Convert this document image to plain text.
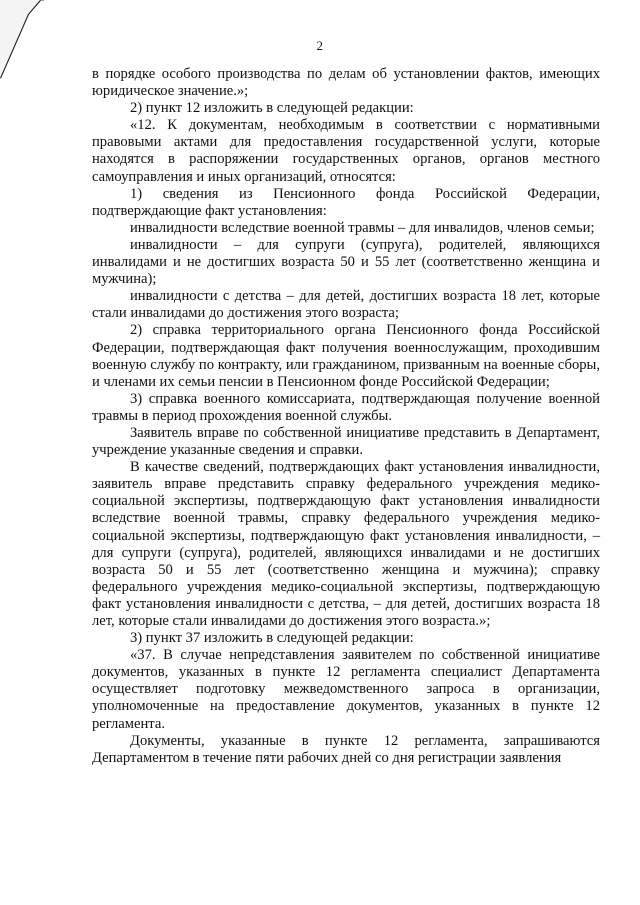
2

в порядке особого производства по делам об установлении фактов, имеющих юридическое значение.»;

2) пункт 12 изложить в следующей редакции:

«12. К документам, необходимым в соответствии с нормативными правовыми актами для предоставления государственной услуги, которые находятся в распоряжении государственных органов, органов местного самоуправления и иных организаций, относятся:

1) сведения из Пенсионного фонда Российской Федерации, подтверждающие факт установления:

инвалидности вследствие военной травмы – для инвалидов, членов семьи;

инвалидности – для супруги (супруга), родителей, являющихся инвалидами и не достигших возраста 50 и 55 лет (соответственно женщина и мужчина);

инвалидности с детства – для детей, достигших возраста 18 лет, которые стали инвалидами до достижения этого возраста;

2) справка территориального органа Пенсионного фонда Российской Федерации, подтверждающая факт получения военнослужащим, проходившим военную службу по контракту, или гражданином, призванным на военные сборы, и членами их семьи пенсии в Пенсионном фонде Российской Федерации;

3) справка военного комиссариата, подтверждающая получение военной травмы в период прохождения военной службы.

Заявитель вправе по собственной инициативе представить в Департамент, учреждение указанные сведения и справки.

В качестве сведений, подтверждающих факт установления инвалидности, заявитель вправе представить справку федерального учреждения медико-социальной экспертизы, подтверждающую факт установления инвалидности вследствие военной травмы, справку федерального учреждения медико-социальной экспертизы, подтверждающую факт установления инвалидности, – для супруги (супруга), родителей, являющихся инвалидами и не достигших возраста 50 и 55 лет (соответственно женщина и мужчина); справку федерального учреждения медико-социальной экспертизы, подтверждающую факт установления инвалидности с детства, – для детей, достигших возраста 18 лет, которые стали инвалидами до достижения этого возраста.»;

3) пункт 37 изложить в следующей редакции:

«37. В случае непредставления заявителем по собственной инициативе документов, указанных в пункте 12 регламента специалист Департамента осуществляет подготовку межведомственного запроса в организации, уполномоченные на предоставление документов, указанных в пункте 12 регламента.

Документы, указанные в пункте 12 регламента, запрашиваются Департаментом в течение пяти рабочих дней со дня регистрации заявления
